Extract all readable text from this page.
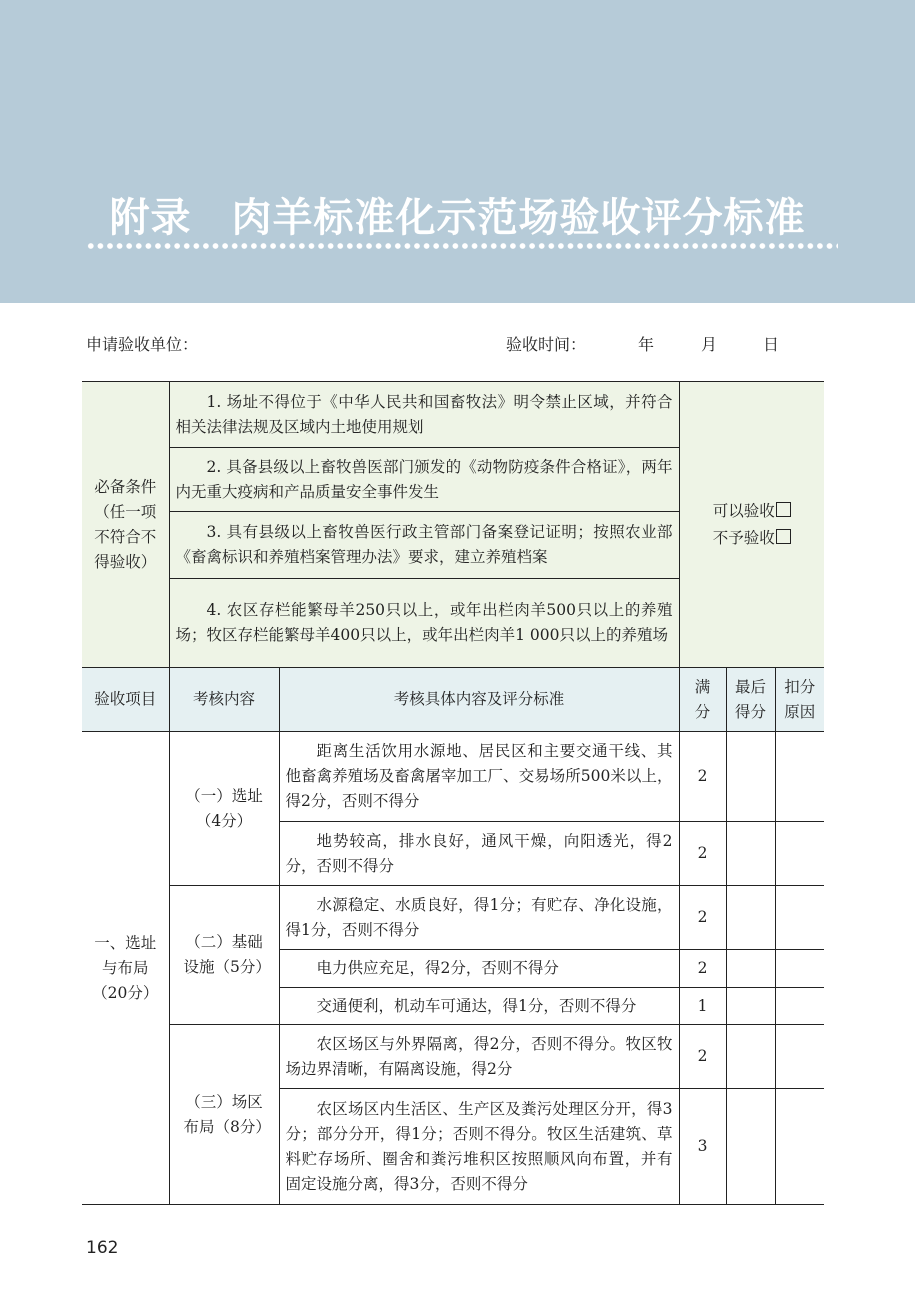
附录 肉羊标准化示范场验收评分标准
申请验收单位：	验收时间：	年	月	日
必备条件（任一项不符合不得验收）	1. 场址不得位于《中华人民共和国畜牧法》明令禁止区域，并符合相关法律法规及区域内土地使用规划		可以验收
不予验收		

	2. 具备县级以上畜牧兽医部门颁发的《动物防疫条件合格证》，两年内无重大疫病和产品质量安全事件发生				
	3. 具有县级以上畜牧兽医行政主管部门备案登记证明；按照农业部《畜禽标识和养殖档案管理办法》要求，建立养殖档案				
	4. 农区存栏能繁母羊250只以上，或年出栏肉羊500只以上的养殖场；牧区存栏能繁母羊400只以上，或年出栏肉羊1 000只以上的养殖场				
验收项目	考核内容	考核具体内容及评分标准	满分	最后得分	扣分原因
一、选址与布局（20分）	（一）选址（4分）	距离生活饮用水源地、居民区和主要交通干线、其他畜禽养殖场及畜禽屠宰加工厂、交易场所500米以上，得2分，否则不得分	2		
		地势较高，排水良好，通风干燥，向阳透光，得2分，否则不得分	2		
	（二）基础设施（5分）	水源稳定、水质良好，得1分；有贮存、净化设施，得1分，否则不得分	2		
		电力供应充足，得2分，否则不得分	2		
		交通便利，机动车可通达，得1分，否则不得分	1		
	（三）场区布局（8分）	农区场区与外界隔离，得2分，否则不得分。牧区牧场边界清晰，有隔离设施，得2分	2		
		农区场区内生活区、生产区及粪污处理区分开，得3分；部分分开，得1分；否则不得分。牧区生活建筑、草料贮存场所、圈舍和粪污堆积区按照顺风向布置，并有固定设施分离，得3分，否则不得分	3		
162
